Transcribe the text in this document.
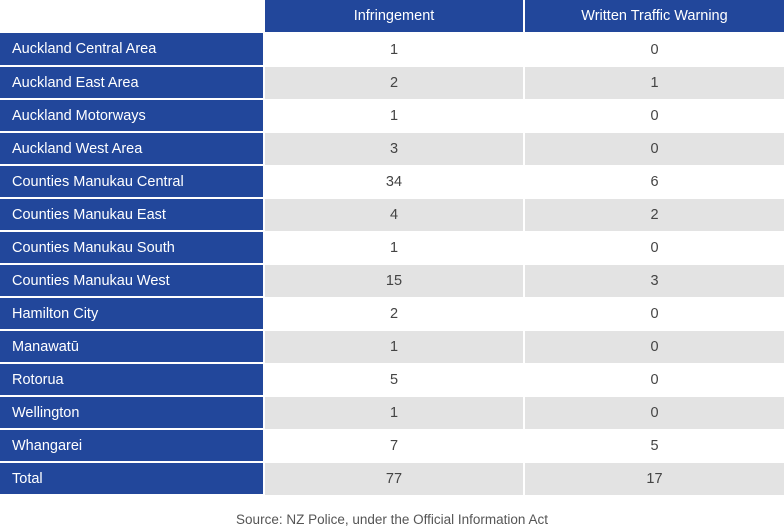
	Infringement	Written Traffic Warning
Auckland Central Area	1	0
Auckland East Area	2	1
Auckland Motorways	1	0
Auckland West Area	3	0
Counties Manukau Central	34	6
Counties Manukau East	4	2
Counties Manukau South	1	0
Counties Manukau West	15	3
Hamilton City	2	0
Manawatū	1	0
Rotorua	5	0
Wellington	1	0
Whangarei	7	5
Total	77	17
Source: NZ Police, under the Official Information Act
